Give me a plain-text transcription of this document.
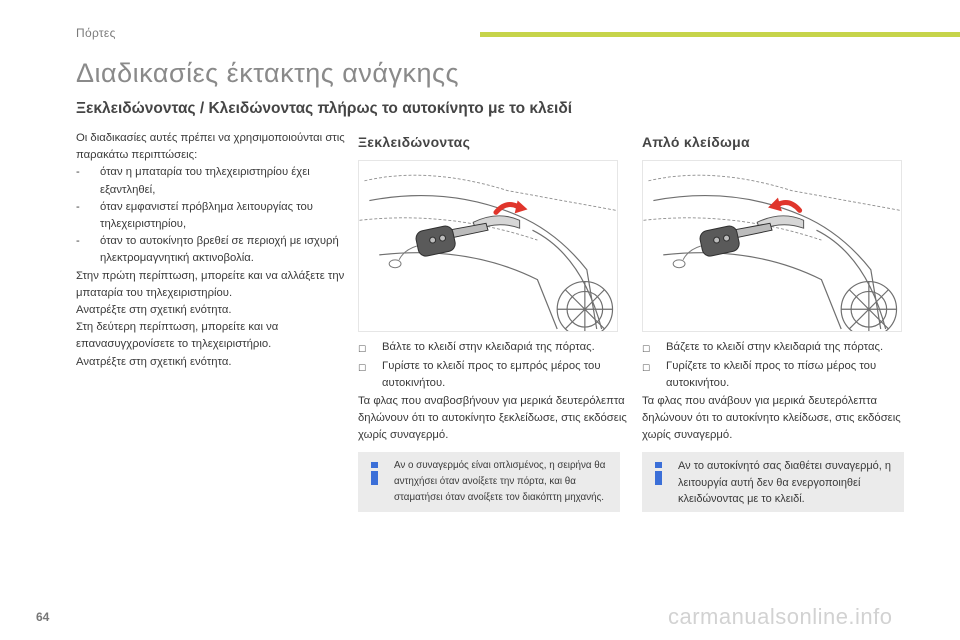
Πόρτες
Διαδικασίες έκτακτης ανάγκηςς
Ξεκλειδώνοντας / Κλειδώνοντας πλήρως το αυτοκίνητο με το κλειδί

Οι διαδικασίες αυτές πρέπει να χρησιμοποιούνται στις παρακάτω περιπτώσεις:

-	όταν η μπαταρία του τηλεχειριστηρίου έχει εξαντληθεί,
-	όταν εμφανιστεί πρόβλημα λειτουργίας του τηλεχειριστηρίου,
-	όταν το αυτοκίνητο βρεθεί σε περιοχή με ισχυρή ηλεκτρομαγνητική ακτινοβολία.

Στην πρώτη περίπτωση, μπορείτε και να αλλάξετε την μπαταρία του τηλεχειριστηρίου.

Ανατρέξτε στη σχετική ενότητα.

Στη δεύτερη περίπτωση, μπορείτε και να επανασυγχρονίσετε το τηλεχειριστήριο.

Ανατρέξτε στη σχετική ενότητα.

Ξεκλειδώνοντας
☐	Βάλτε το κλειδί στην κλειδαριά της πόρτας.
☐	Γυρίστε το κλειδί προς το εμπρός μέρος του αυτοκινήτου.

Τα φλας που αναβοσβήνουν για μερικά δευτερόλεπτα δηλώνουν ότι το αυτοκίνητο ξεκλείδωσε, στις εκδόσεις χωρίς συναγερμό.

Αν ο συναγερμός είναι οπλισμένος, η σειρήνα θα αντηχήσει όταν ανοίξετε την πόρτα, και θα σταματήσει όταν ανοίξετε τον διακόπτη μηχανής.
Απλό κλείδωμα
☐	Βάζετε το κλειδί στην κλειδαριά της πόρτας.
☐	Γυρίζετε το κλειδί προς το πίσω μέρος του αυτοκινήτου.

Τα φλας που ανάβουν για μερικά δευτερόλεπτα δηλώνουν ότι το αυτοκίνητο κλείδωσε, στις εκδόσεις χωρίς συναγερμό.

Αν το αυτοκίνητό σας διαθέτει συναγερμό, η λειτουργία αυτή δεν θα ενεργοποιηθεί κλειδώνοντας με το κλειδί.
64	carmanualsonline.info
